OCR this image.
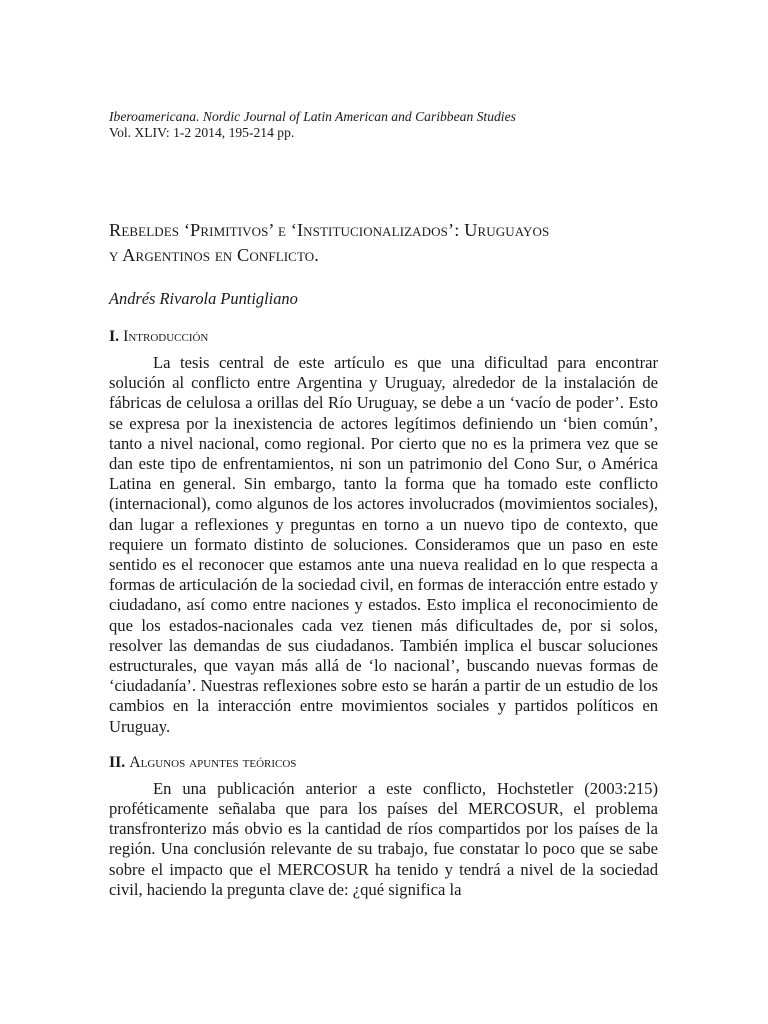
Iberoamericana. Nordic Journal of Latin American and Caribbean Studies
Vol. XLIV: 1-2 2014, 195-214 pp.
Rebeldes ‘Primitivos’ e ‘Institucionalizados’: Uruguayos
y Argentinos en Conflicto.
Andrés Rivarola Puntigliano
I. Introducción

La tesis central de este artículo es que una dificultad para encontrar solución al conflicto entre Argentina y Uruguay, alrededor de la instalación de fábricas de celulosa a orillas del Río Uruguay, se debe a un ‘vacío de poder’. Esto se expresa por la inexistencia de actores legítimos definiendo un ‘bien común’, tanto a nivel nacional, como regional. Por cierto que no es la primera vez que se dan este tipo de enfrentamientos, ni son un patrimonio del Cono Sur, o América Latina en general. Sin embargo, tanto la forma que ha tomado este conflicto (internacional), como algunos de los actores involucrados (movimientos sociales), dan lugar a reflexiones y preguntas en torno a un nuevo tipo de contexto, que requiere un formato distinto de soluciones. Consideramos que un paso en este sentido es el reconocer que estamos ante una nueva realidad en lo que respecta a formas de articulación de la sociedad civil, en formas de interacción entre estado y ciudadano, así como entre naciones y estados. Esto implica el reconocimiento de que los estados-nacionales cada vez tienen más dificultades de, por si solos, resolver las demandas de sus ciudadanos. También implica el buscar soluciones estructurales, que vayan más allá de ‘lo nacional’, buscando nuevas formas de ‘ciudadanía’. Nuestras reflexiones sobre esto se harán a partir de un estudio de los cambios en la interacción entre movimientos sociales y partidos políticos en Uruguay.

II. Algunos apuntes teóricos

En una publicación anterior a este conflicto, Hochstetler (2003:215) proféticamente señalaba que para los países del MERCOSUR, el problema transfronterizo más obvio es la cantidad de ríos compartidos por los países de la región. Una conclusión relevante de su trabajo, fue constatar lo poco que se sabe sobre el impacto que el MERCOSUR ha tenido y tendrá a nivel de la sociedad civil, haciendo la pregunta clave de: ¿qué significa la
